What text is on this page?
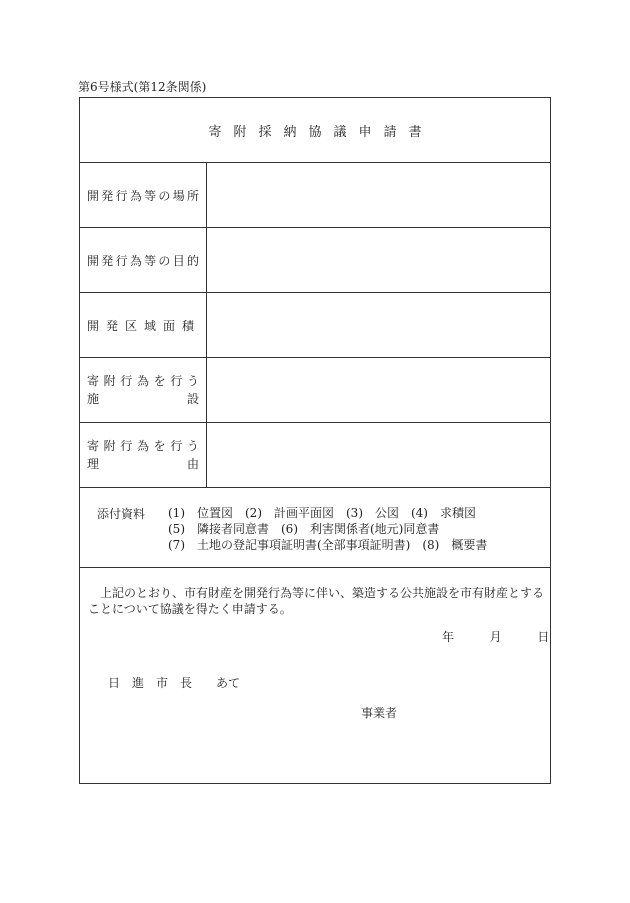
第6号様式(第12条関係)
寄附採納協議申請書
開発行為等の場所
開発行為等の目的
開発区域面積
寄附行為を行う
施設
寄附行為を行う
理由
添付資料 (1)　位置図　(2)　計画平面図　(3)　公図　(4)　求積図
(5)　隣接者同意書　(6)　利害関係者(地元)同意書
(7)　土地の登記事項証明書(全部事項証明書)　(8)　概要書
上記のとおり、市有財産を開発行為等に伴い、築造する公共施設を市有財産とすることについて協議を得たく申請する。
年	月	日
日　進　市　長　　あて
事業者
